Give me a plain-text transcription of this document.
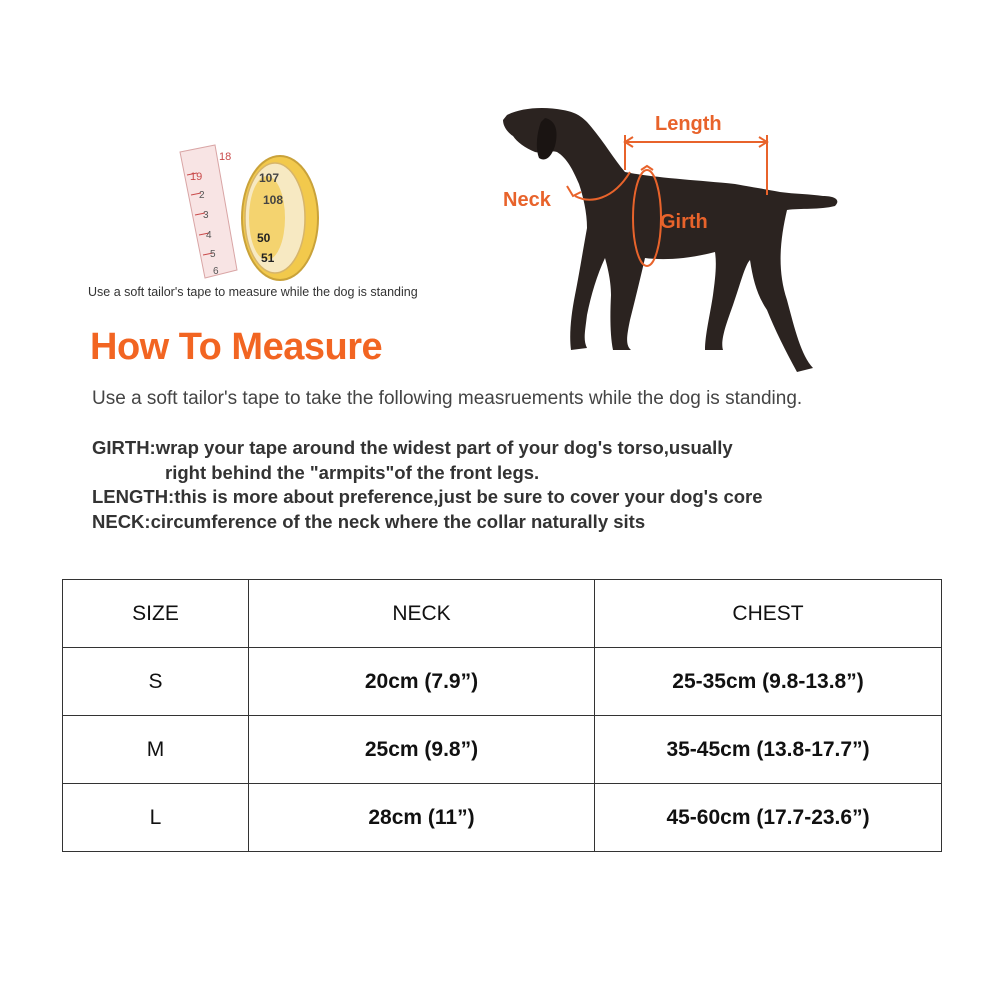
18
19
2
3
4
5
6
107
108
50
51
Use a soft tailor's tape to measure while the dog is standing
Length
Neck
Girth
How To Measure
Use a soft tailor's tape to take the following measruements while the dog is standing.
GIRTH:wrap your tape around the widest part of your dog's torso,usually
right behind the "armpits"of the front legs.
LENGTH:this is more about preference,just be sure to cover your dog's core
NECK:circumference of the neck where the collar naturally sits
SIZE	NECK	CHEST
S	20cm (7.9”)	25-35cm (9.8-13.8”)
M	25cm (9.8”)	35-45cm (13.8-17.7”)
L	28cm (11”)	45-60cm (17.7-23.6”)
